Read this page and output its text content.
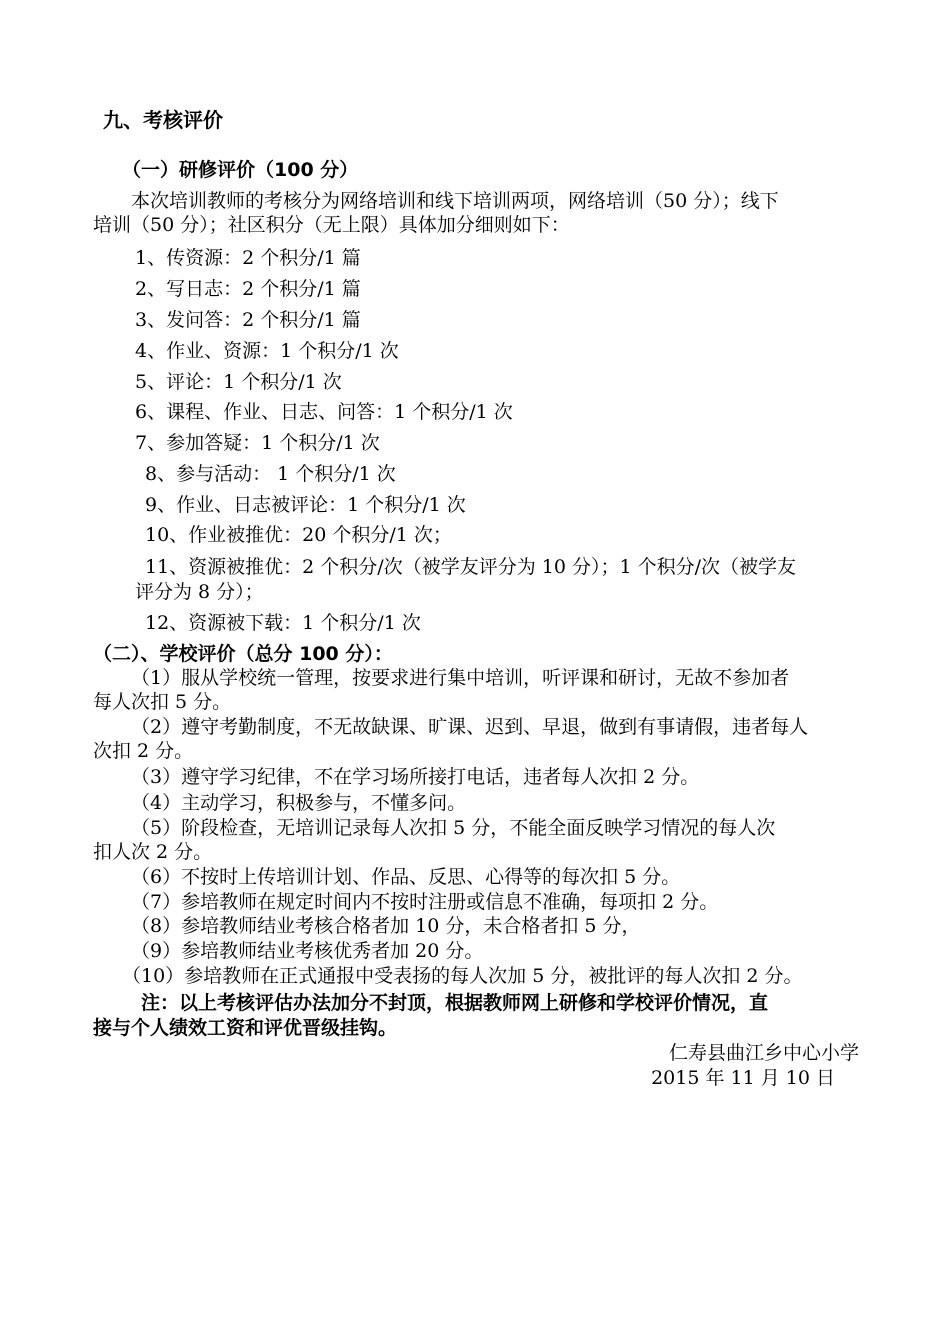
九、考核评价
（一）研修评价（100 分）
本次培训教师的考核分为网络培训和线下培训两项，网络培训（50 分）；线下
培训（50 分）；社区积分（无上限）具体加分细则如下：
1、传资源：2 个积分/1 篇
2、写日志：2 个积分/1 篇
3、发问答：2 个积分/1 篇
4、作业、资源：1 个积分/1 次
5、评论：1 个积分/1 次
6、课程、作业、日志、问答：1 个积分/1 次
7、参加答疑：1 个积分/1 次
8、参与活动： 1 个积分/1 次
9、作业、日志被评论：1 个积分/1 次
10、作业被推优：20 个积分/1 次；
11、资源被推优：2 个积分/次（被学友评分为 10 分）；1 个积分/次（被学友
评分为 8 分）；
12、资源被下载：1 个积分/1 次
（二）、学校评价（总分 100 分）：
（1）服从学校统一管理，按要求进行集中培训，听评课和研讨，无故不参加者
每人次扣 5 分。
（2）遵守考勤制度，不无故缺课、旷课、迟到、早退，做到有事请假，违者每人
次扣 2 分。
（3）遵守学习纪律，不在学习场所接打电话，违者每人次扣 2 分。
（4）主动学习，积极参与，不懂多问。
（5）阶段检查，无培训记录每人次扣 5 分，不能全面反映学习情况的每人次
扣人次 2 分。
（6）不按时上传培训计划、作品、反思、心得等的每次扣 5 分。
（7）参培教师在规定时间内不按时注册或信息不准确，每项扣 2 分。
（8）参培教师结业考核合格者加 10 分，未合格者扣 5 分，
（9）参培教师结业考核优秀者加 20 分。
（10）参培教师在正式通报中受表扬的每人次加 5 分，被批评的每人次扣 2 分。
注：以上考核评估办法加分不封顶，根据教师网上研修和学校评价情况，直
接与个人绩效工资和评优晋级挂钩。
仁寿县曲江乡中心小学
2015 年 11 月 10 日
